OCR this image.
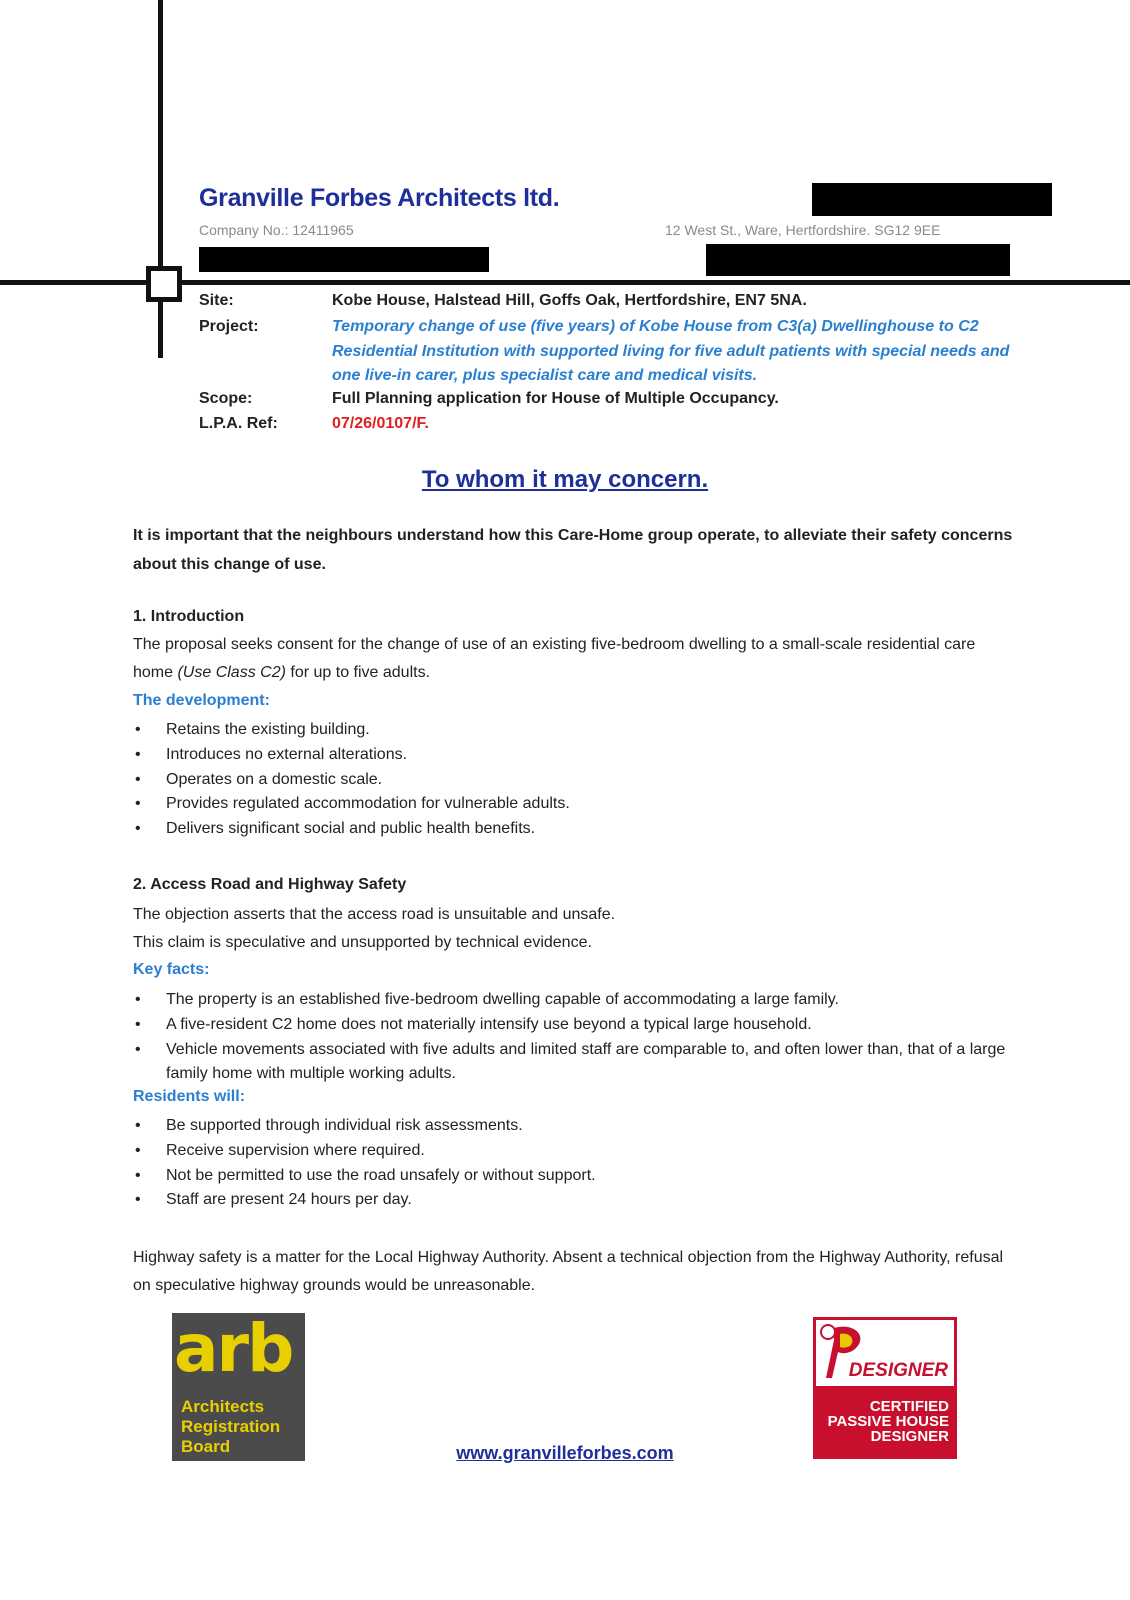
Granville Forbes Architects ltd.
Company No.: 12411965	12 West St., Ware, Hertfordshire. SG12 9EE
Site:	Kobe House, Halstead Hill, Goffs Oak, Hertfordshire, EN7 5NA.
Project:	Temporary change of use (five years) of Kobe House from C3(a) Dwellinghouse to C2 Residential Institution with supported living for five adult patients with special needs and one live-in carer, plus specialist care and medical visits.
Scope:	Full Planning application for House of Multiple Occupancy.
L.P.A. Ref:	07/26/0107/F.
To whom it may concern.
It is important that the neighbours understand how this Care-Home group operate, to alleviate their safety concerns about this change of use.
1. Introduction
The proposal seeks consent for the change of use of an existing five-bedroom dwelling to a small-scale residential care home (Use Class C2) for up to five adults.
The development:
• Retains the existing building.
• Introduces no external alterations.
• Operates on a domestic scale.
• Provides regulated accommodation for vulnerable adults.
• Delivers significant social and public health benefits.
2. Access Road and Highway Safety
The objection asserts that the access road is unsuitable and unsafe.
This claim is speculative and unsupported by technical evidence.
Key facts:
• The property is an established five-bedroom dwelling capable of accommodating a large family.
• A five-resident C2 home does not materially intensify use beyond a typical large household.
• Vehicle movements associated with five adults and limited staff are comparable to, and often lower than, that of a large family home with multiple working adults.
Residents will:
• Be supported through individual risk assessments.
• Receive supervision where required.
• Not be permitted to use the road unsafely or without support.
• Staff are present 24 hours per day.
Highway safety is a matter for the Local Highway Authority. Absent a technical objection from the Highway Authority, refusal on speculative highway grounds would be unreasonable.
arb
Architects
Registration
Board	www.granvilleforbes.com
DESIGNER
CERTIFIED
PASSIVE HOUSE
DESIGNER
